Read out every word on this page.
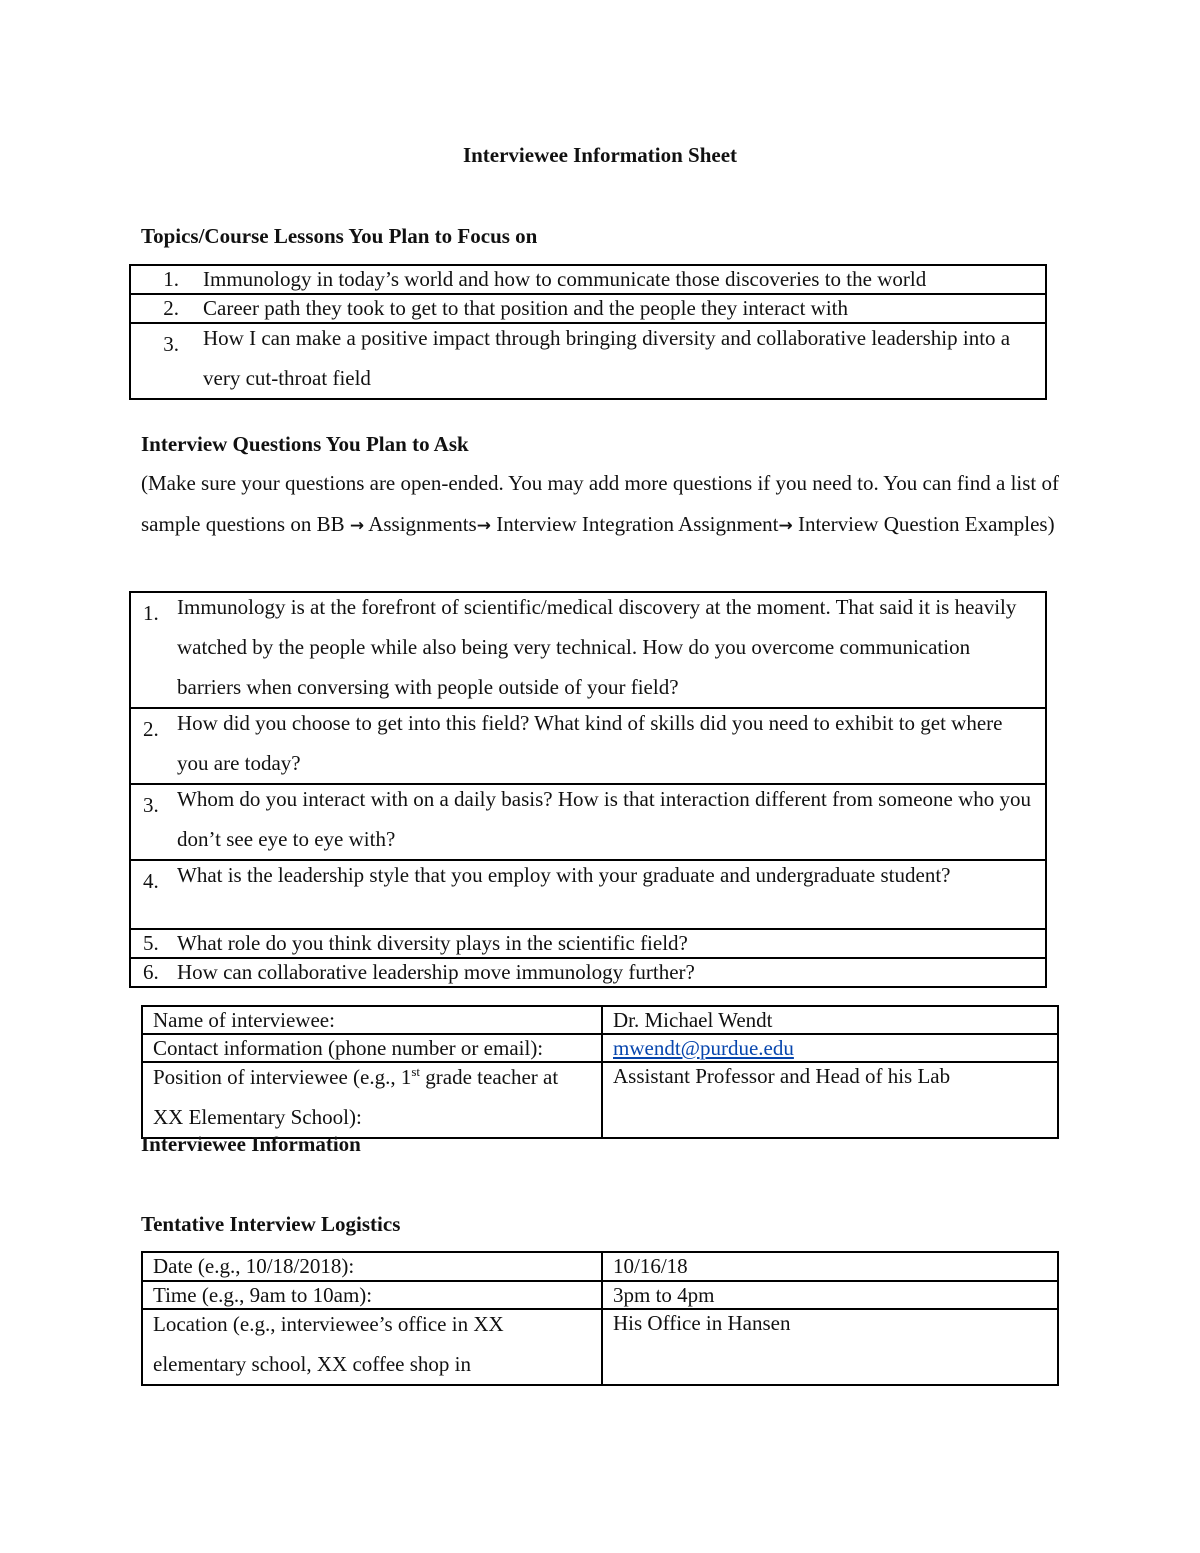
Interviewee Information Sheet
Topics/Course Lessons You Plan to Focus on
1. Immunology in today’s world and how to communicate those discoveries to the world
2. Career path they took to get to that position and the people they interact with
3. How I can make a positive impact through bringing diversity and collaborative leadership into a very cut-throat field
Interview Questions You Plan to Ask
(Make sure your questions are open-ended. You may add more questions if you need to. You can find a list of sample questions on BB → Assignments→ Interview Integration Assignment→ Interview Question Examples)
1. Immunology is at the forefront of scientific/medical discovery at the moment. That said it is heavily watched by the people while also being very technical. How do you overcome communication barriers when conversing with people outside of your field?
2. How did you choose to get into this field? What kind of skills did you need to exhibit to get where you are today?
3. Whom do you interact with on a daily basis? How is that interaction different from someone who you don’t see eye to eye with?
4. What is the leadership style that you employ with your graduate and undergraduate student?
5. What role do you think diversity plays in the scientific field?
6. How can collaborative leadership move immunology further?
Name of interviewee:	Dr. Michael Wendt
Contact information (phone number or email):	mwendt@purdue.edu

Position of interviewee (e.g., 1st grade teacher at XX Elementary School):	Assistant Professor and Head of his Lab
Interviewee Information
Tentative Interview Logistics
Date (e.g., 10/18/2018):	10/16/18
Time (e.g., 9am to 10am):	3pm to 4pm

Location (e.g., interviewee’s office in XX elementary school, XX coffee shop in	His Office in Hansen
